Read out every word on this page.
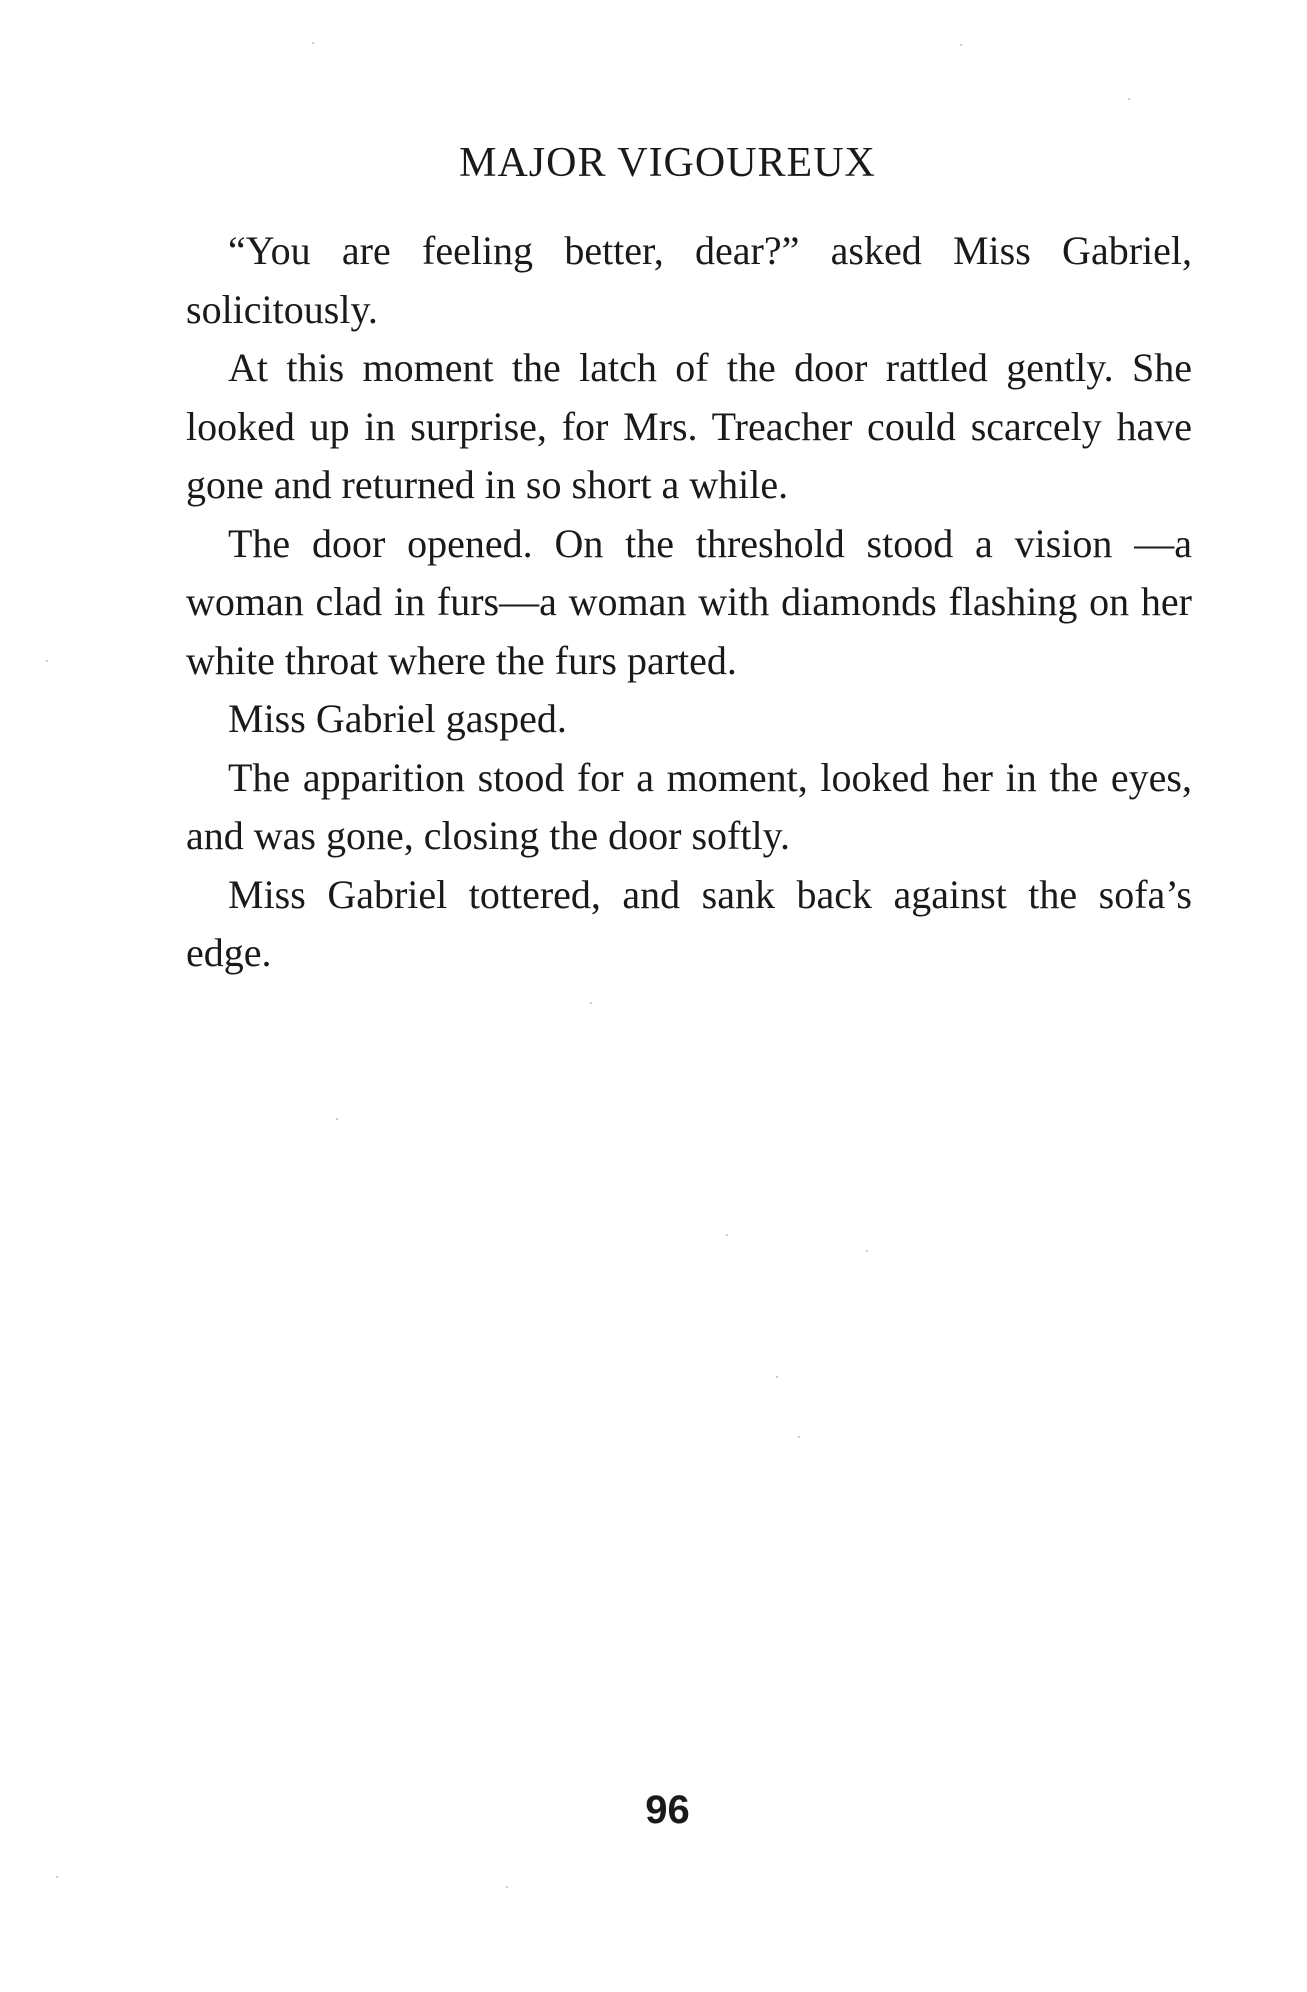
MAJOR VIGOUREUX

“You are feeling better, dear?” asked Miss Gabriel, solicitously.

At this moment the latch of the door rattled gently. She looked up in surprise, for Mrs. Treacher could scarcely have gone and returned in so short a while.

The door opened. On the threshold stood a vision —a woman clad in furs—a woman with diamonds flashing on her white throat where the furs parted.

Miss Gabriel gasped.

The apparition stood for a moment, looked her in the eyes, and was gone, closing the door softly.

Miss Gabriel tottered, and sank back against the sofa’s edge.

96
